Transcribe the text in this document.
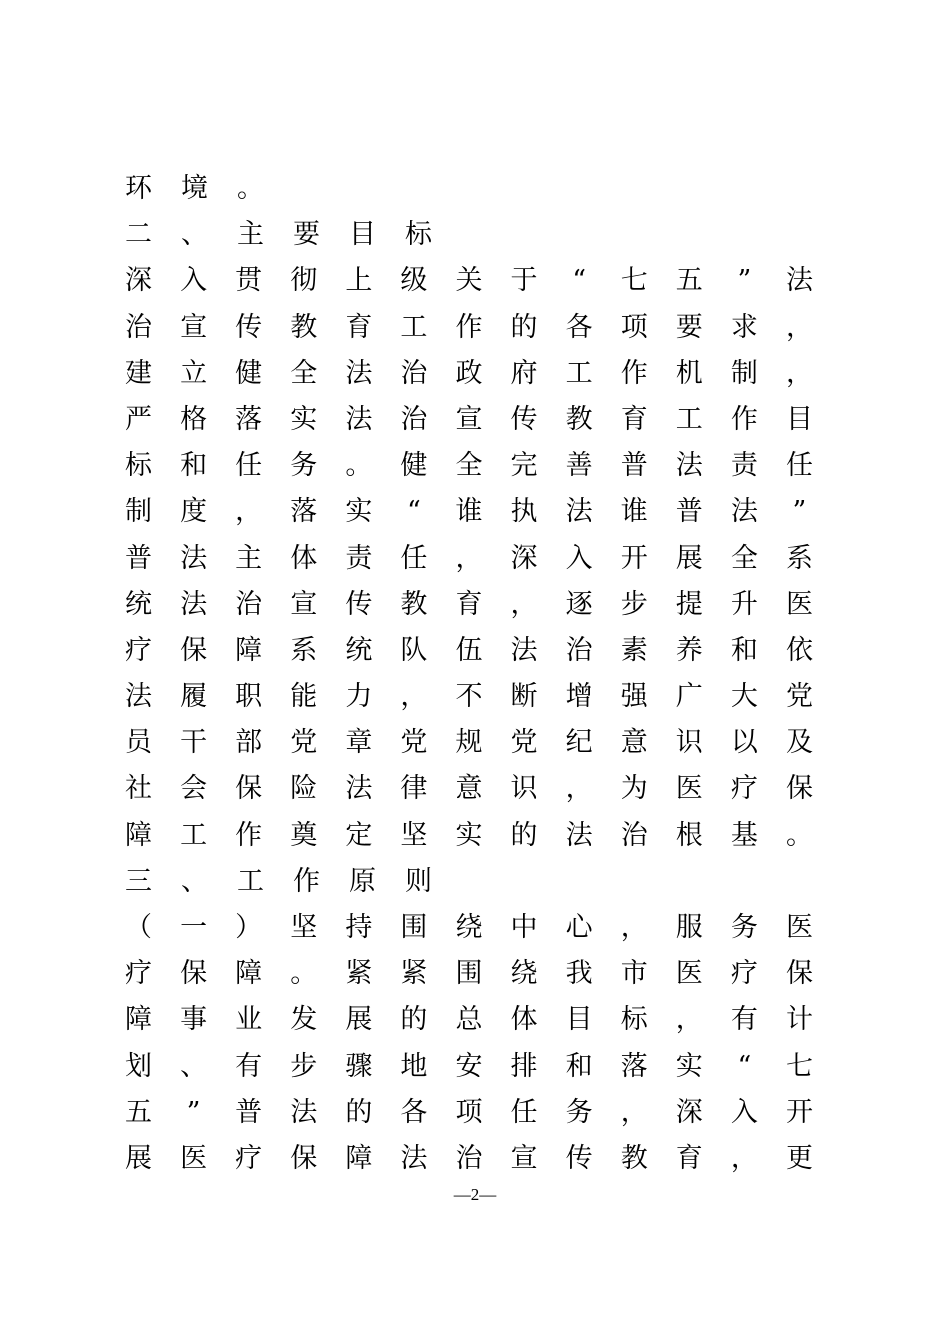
环 境 。
二 、 主 要 目 标
深 入 贯 彻 上 级 关 于 “ 七 五 ” 法
治 宣 传 教 育 工 作 的 各 项 要 求 ，
建 立 健 全 法 治 政 府 工 作 机 制 ，
严 格 落 实 法 治 宣 传 教 育 工 作 目
标 和 任 务 。 健 全 完 善 普 法 责 任
制 度 ， 落 实 “ 谁 执 法 谁 普 法 ”
普 法 主 体 责 任 ， 深 入 开 展 全 系
统 法 治 宣 传 教 育 ， 逐 步 提 升 医
疗 保 障 系 统 队 伍 法 治 素 养 和 依
法 履 职 能 力 ， 不 断 增 强 广 大 党
员 干 部 党 章 党 规 党 纪 意 识 以 及
社 会 保 险 法 律 意 识 ， 为 医 疗 保
障 工 作 奠 定 坚 实 的 法 治 根 基 。
三 、 工 作 原 则
（ 一 ） 坚 持 围 绕 中 心 ， 服 务 医
疗 保 障 。 紧 紧 围 绕 我 市 医 疗 保
障 事 业 发 展 的 总 体 目 标 ， 有 计
划 、 有 步 骤 地 安 排 和 落 实 “ 七
五 ” 普 法 的 各 项 任 务 ， 深 入 开
展 医 疗 保 障 法 治 宣 传 教 育 ， 更
—2—
